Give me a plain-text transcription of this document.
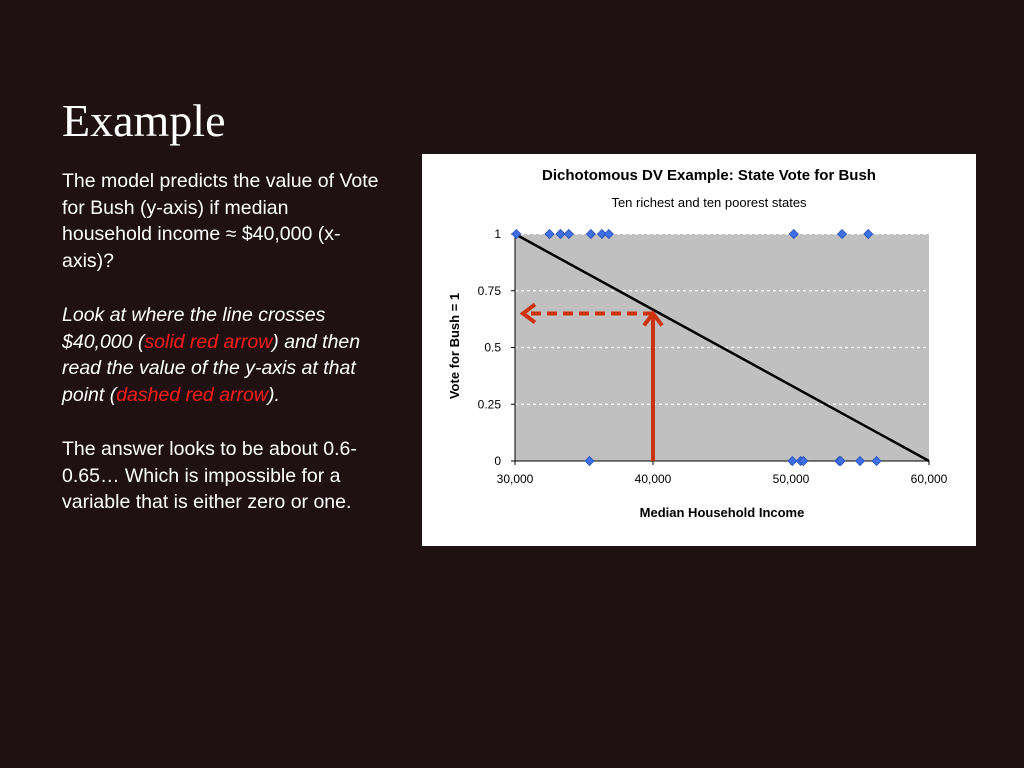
Example

The model predicts the value of Vote for Bush (y-axis) if median household income ≈ $40,000 (x-axis)?

Look at where the line crosses $40,000 (solid red arrow) and then read the value of the y-axis at that point (dashed red arrow).

The answer looks to be about 0.6-0.65… Which is impossible for a variable that is either zero or one.

Dichotomous DV Example: State Vote for Bush
Ten richest and ten poorest states
0
0.25
0.5
0.75
1
30,000	40,000	50,000	60,000
Median Household Income
Vote for Bush = 1
